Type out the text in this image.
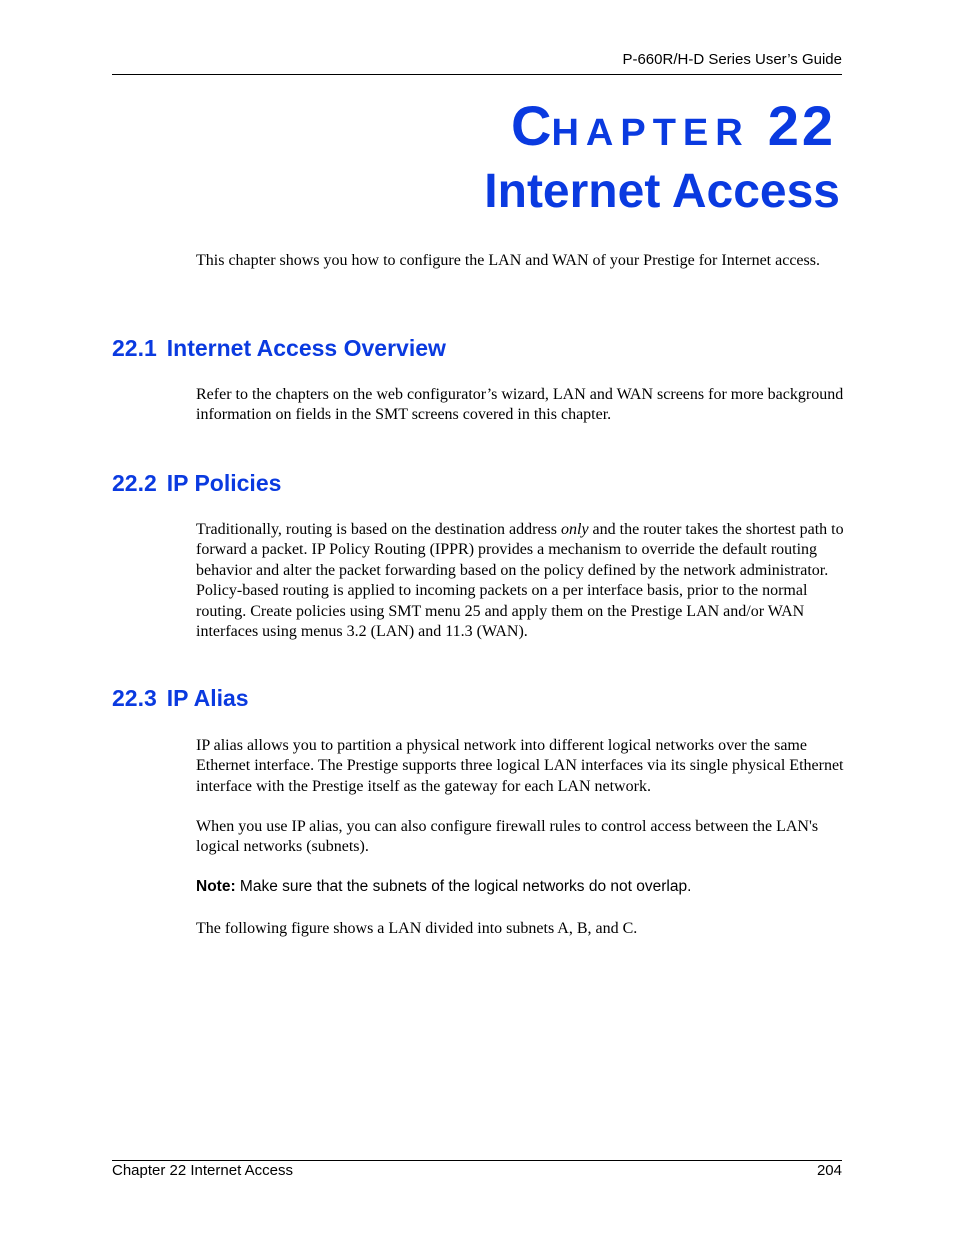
P-660R/H-D Series User’s Guide
CHAPTER 22
Internet Access

This chapter shows you how to configure the LAN and WAN of your Prestige for Internet access.

22.1 Internet Access Overview

Refer to the chapters on the web configurator’s wizard, LAN and WAN screens for more background information on fields in the SMT screens covered in this chapter.

22.2 IP Policies

Traditionally, routing is based on the destination address only and the router takes the shortest path to forward a packet. IP Policy Routing (IPPR) provides a mechanism to override the default routing behavior and alter the packet forwarding based on the policy defined by the network administrator. Policy-based routing is applied to incoming packets on a per interface basis, prior to the normal routing. Create policies using SMT menu 25 and apply them on the Prestige LAN and/or WAN interfaces using menus 3.2 (LAN) and 11.3 (WAN).

22.3 IP Alias

IP alias allows you to partition a physical network into different logical networks over the same Ethernet interface. The Prestige supports three logical LAN interfaces via its single physical Ethernet interface with the Prestige itself as the gateway for each LAN network.

When you use IP alias, you can also configure firewall rules to control access between the LAN's logical networks (subnets).

Note: Make sure that the subnets of the logical networks do not overlap.

The following figure shows a LAN divided into subnets A, B, and C.

Chapter 22 Internet Access	204
